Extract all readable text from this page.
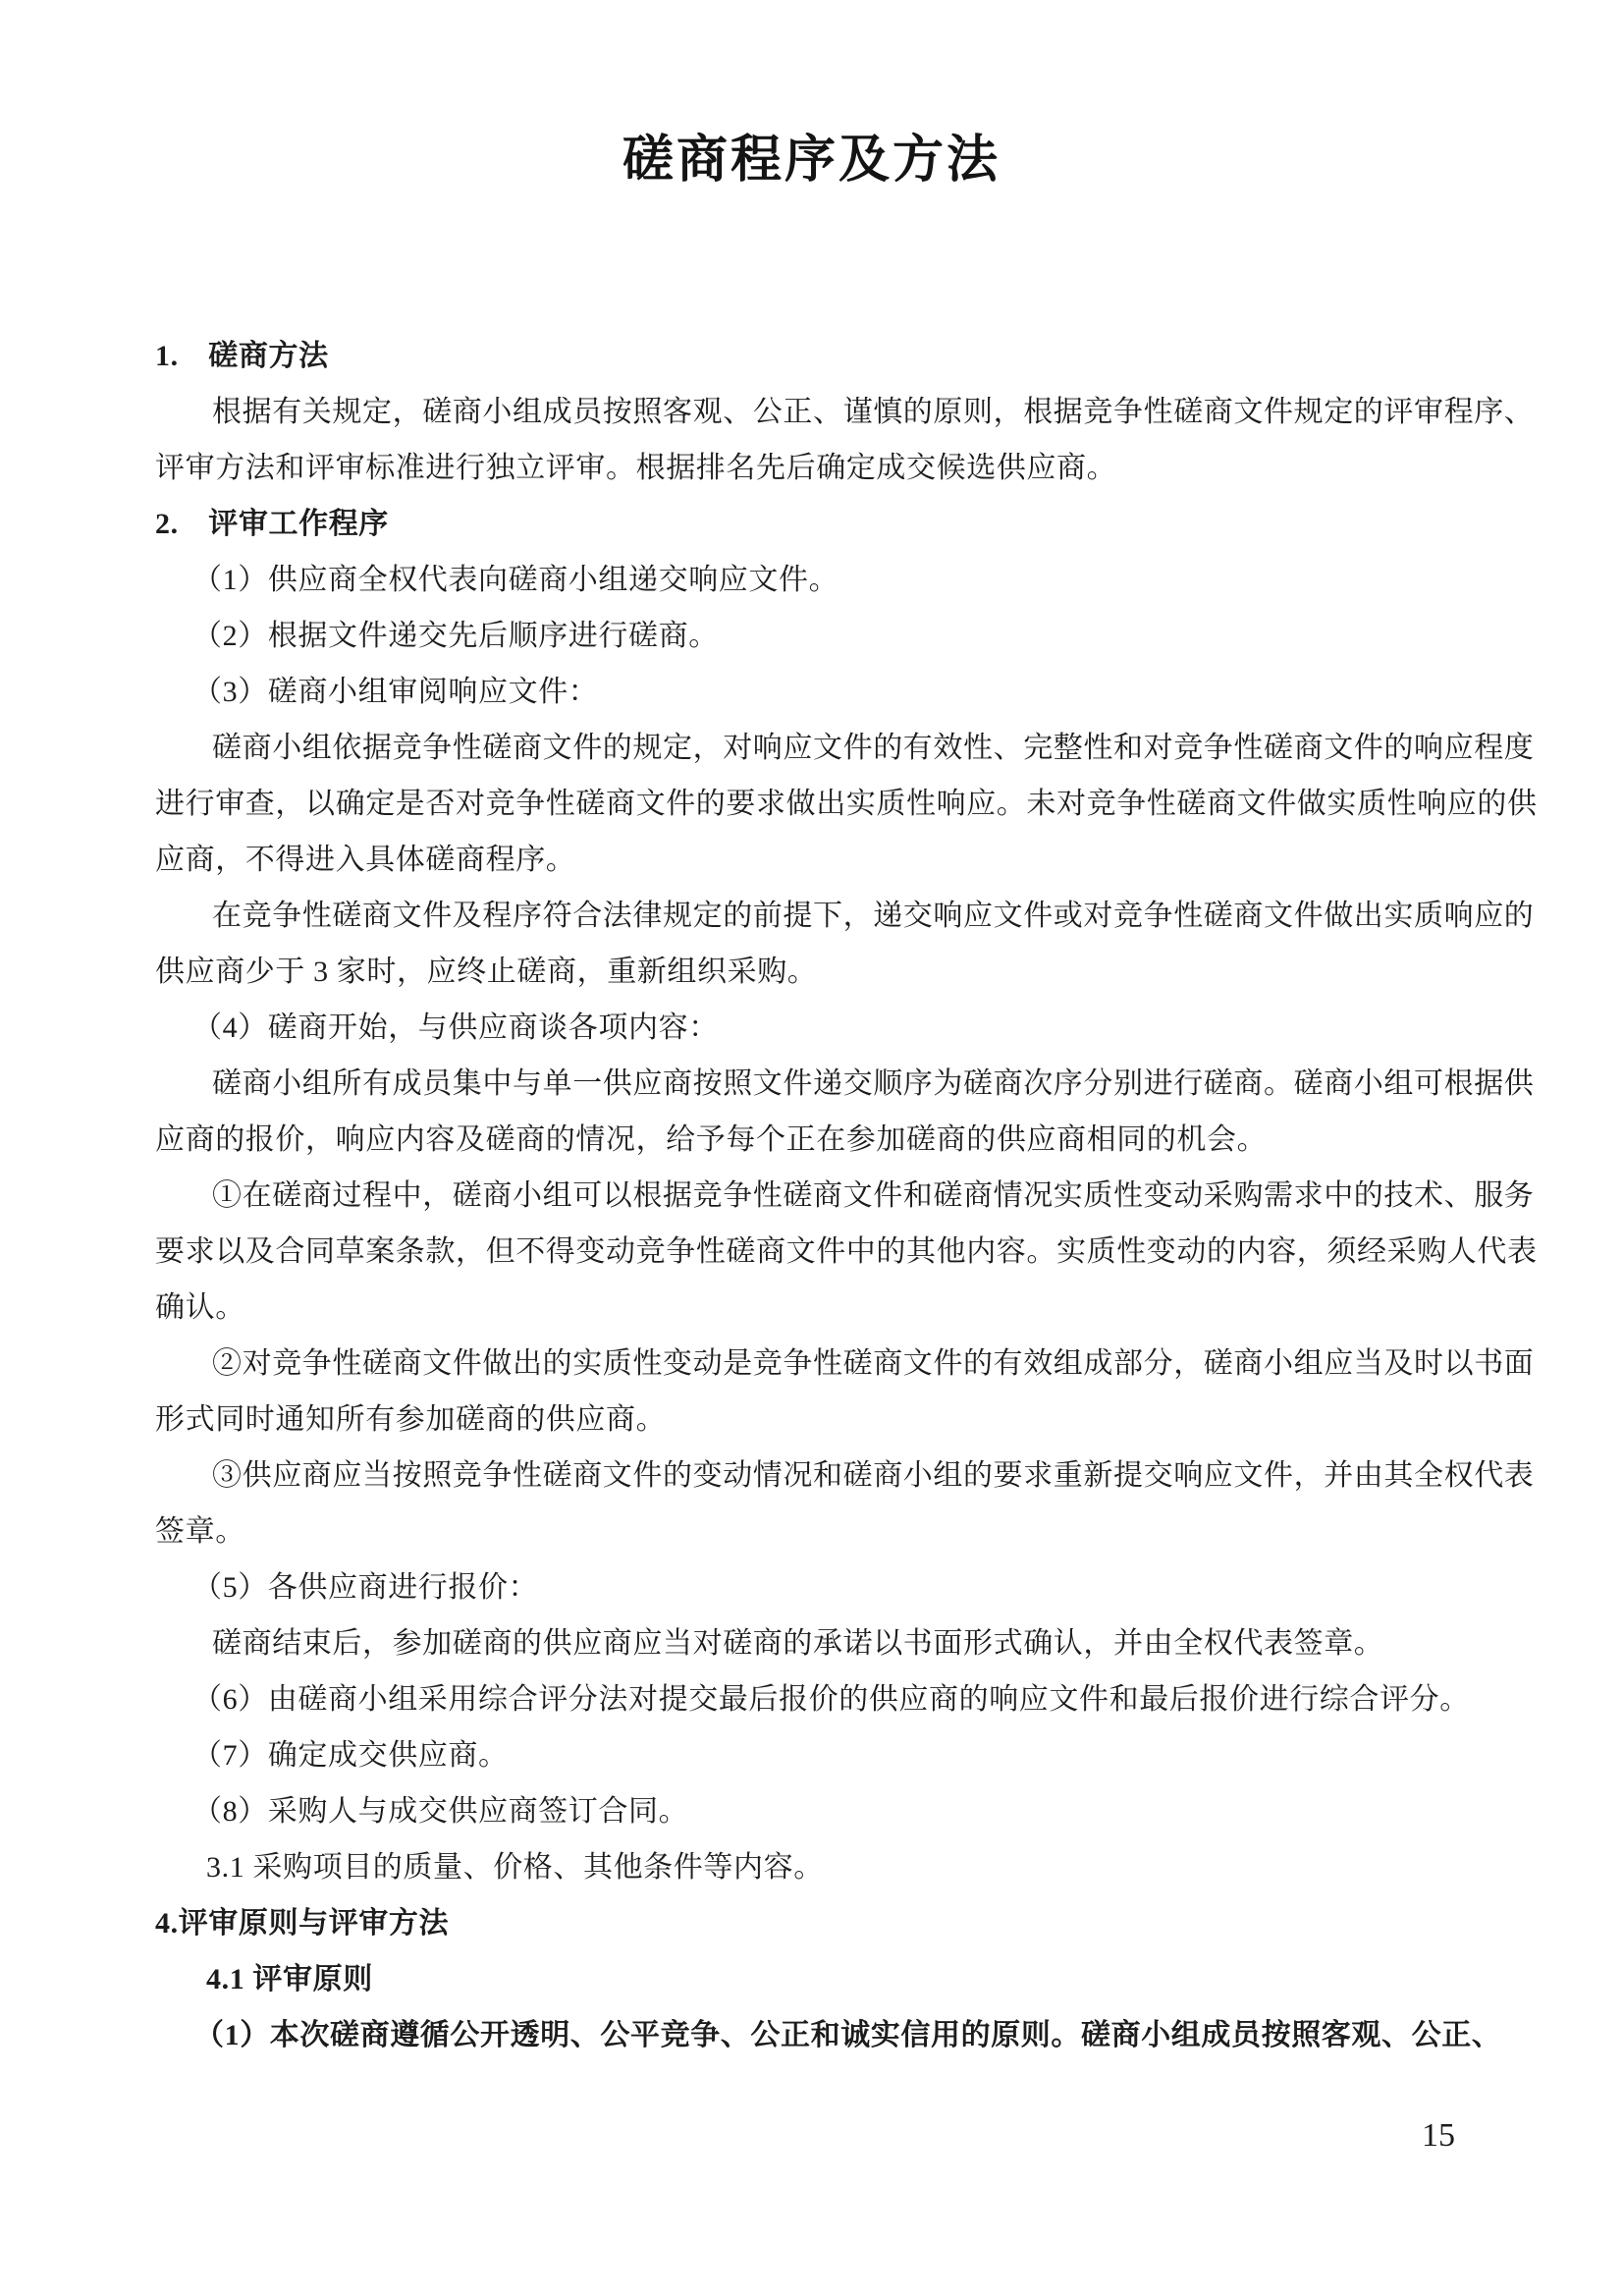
磋商程序及方法
1.　磋商方法
根据有关规定，磋商小组成员按照客观、公正、谨慎的原则，根据竞争性磋商文件规定的评审程序、
评审方法和评审标准进行独立评审。根据排名先后确定成交候选供应商。
2.　评审工作程序
（1）供应商全权代表向磋商小组递交响应文件。
（2）根据文件递交先后顺序进行磋商。
（3）磋商小组审阅响应文件：
磋商小组依据竞争性磋商文件的规定，对响应文件的有效性、完整性和对竞争性磋商文件的响应程度
进行审查，以确定是否对竞争性磋商文件的要求做出实质性响应。未对竞争性磋商文件做实质性响应的供
应商，不得进入具体磋商程序。
在竞争性磋商文件及程序符合法律规定的前提下，递交响应文件或对竞争性磋商文件做出实质响应的
供应商少于 3 家时，应终止磋商，重新组织采购。
（4）磋商开始，与供应商谈各项内容：
磋商小组所有成员集中与单一供应商按照文件递交顺序为磋商次序分别进行磋商。磋商小组可根据供
应商的报价，响应内容及磋商的情况，给予每个正在参加磋商的供应商相同的机会。
①在磋商过程中，磋商小组可以根据竞争性磋商文件和磋商情况实质性变动采购需求中的技术、服务
要求以及合同草案条款，但不得变动竞争性磋商文件中的其他内容。实质性变动的内容，须经采购人代表
确认。
②对竞争性磋商文件做出的实质性变动是竞争性磋商文件的有效组成部分，磋商小组应当及时以书面
形式同时通知所有参加磋商的供应商。
③供应商应当按照竞争性磋商文件的变动情况和磋商小组的要求重新提交响应文件，并由其全权代表
签章。
（5）各供应商进行报价：
磋商结束后，参加磋商的供应商应当对磋商的承诺以书面形式确认，并由全权代表签章。
（6）由磋商小组采用综合评分法对提交最后报价的供应商的响应文件和最后报价进行综合评分。
（7）确定成交供应商。
（8）采购人与成交供应商签订合同。
3.1 采购项目的质量、价格、其他条件等内容。
4.评审原则与评审方法
4.1 评审原则
（1）本次磋商遵循公开透明、公平竞争、公正和诚实信用的原则。磋商小组成员按照客观、公正、
15
